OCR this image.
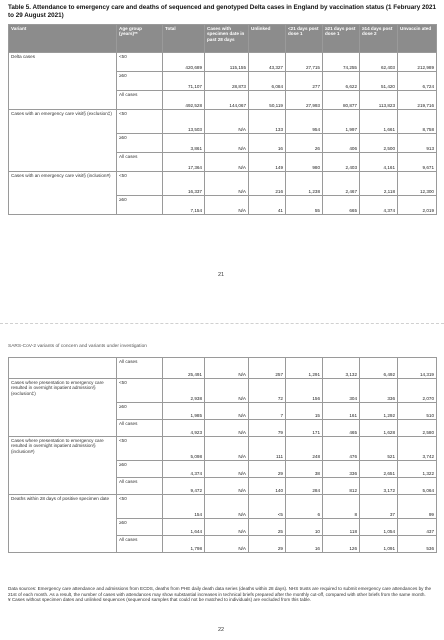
Table 5. Attendance to emergency care and deaths of sequenced and genotyped Delta cases in England by vaccination status (1 February 2021 to 29 August 2021)
Variant	Age group (years)**	Total	Cases with specimen date in past 28 days	Unlinked	<21 days post dose 1	≥21 days post dose 1	≥14 days post dose 2	Unvaccin ated
Delta cases	<50	420,689	115,155	43,327	27,715	74,255	62,403	212,989
	≥50	71,107	28,873	6,084	277	6,622	51,420	6,724
	All cases	492,528	144,067	50,119	27,993	80,877	113,823	219,716
Cases with an emergency care visit§ (exclusion‡)	<50	13,503	N/A	133	954	1,997	1,661	8,758
	≥50	3,861	N/A	16	26	406	2,500	913
	All cases	17,364	N/A	149	980	2,403	4,161	9,671
Cases with an emergency care visit§ (inclusion#)	<50	16,337	N/A	216	1,238	2,467	2,118	12,300
	≥50	7,154	N/A	41	55	665	4,374	2,019
21
SARS-CoV-2 variants of concern and variants under investigation
	All cases	25,491	N/A	257	1,291	3,132	6,492	14,319
Cases where presentation to emergency care resulted in overnight inpatient admission§ (exclusion‡)	<50	2,938	N/A	72	156	304	336	2,070
	≥50	1,985	N/A	7	15	161	1,292	510
	All cases	4,923	N/A	79	171	465	1,628	2,580
Cases where presentation to emergency care resulted in overnight inpatient admission§ (inclusion#)	<50	5,098	N/A	111	248	476	521	3,742
	≥50	4,374	N/A	29	38	336	2,651	1,322
	All cases	9,472	N/A	140	284	812	3,172	5,064
Deaths within 28 days of positive specimen date	<50	154	N/A	<5	6	8	37	99
	≥50	1,644	N/A	25	10	118	1,054	437
	All cases	1,798	N/A	29	16	126	1,091	536
Data sources: Emergency care attendance and admissions from ECDS, deaths from PHE daily death data series (deaths within 28 days). NHS trusts are required to submit emergency care attendances by the 21st of each month. As a result, the number of cases with attendances may show substantial increases in technical briefs prepared after the monthly cut-off, compared with other briefs from the same month.
¥ Cases without specimen dates and unlinked sequences (sequenced samples that could not be matched to individuals) are excluded from this table.
22
